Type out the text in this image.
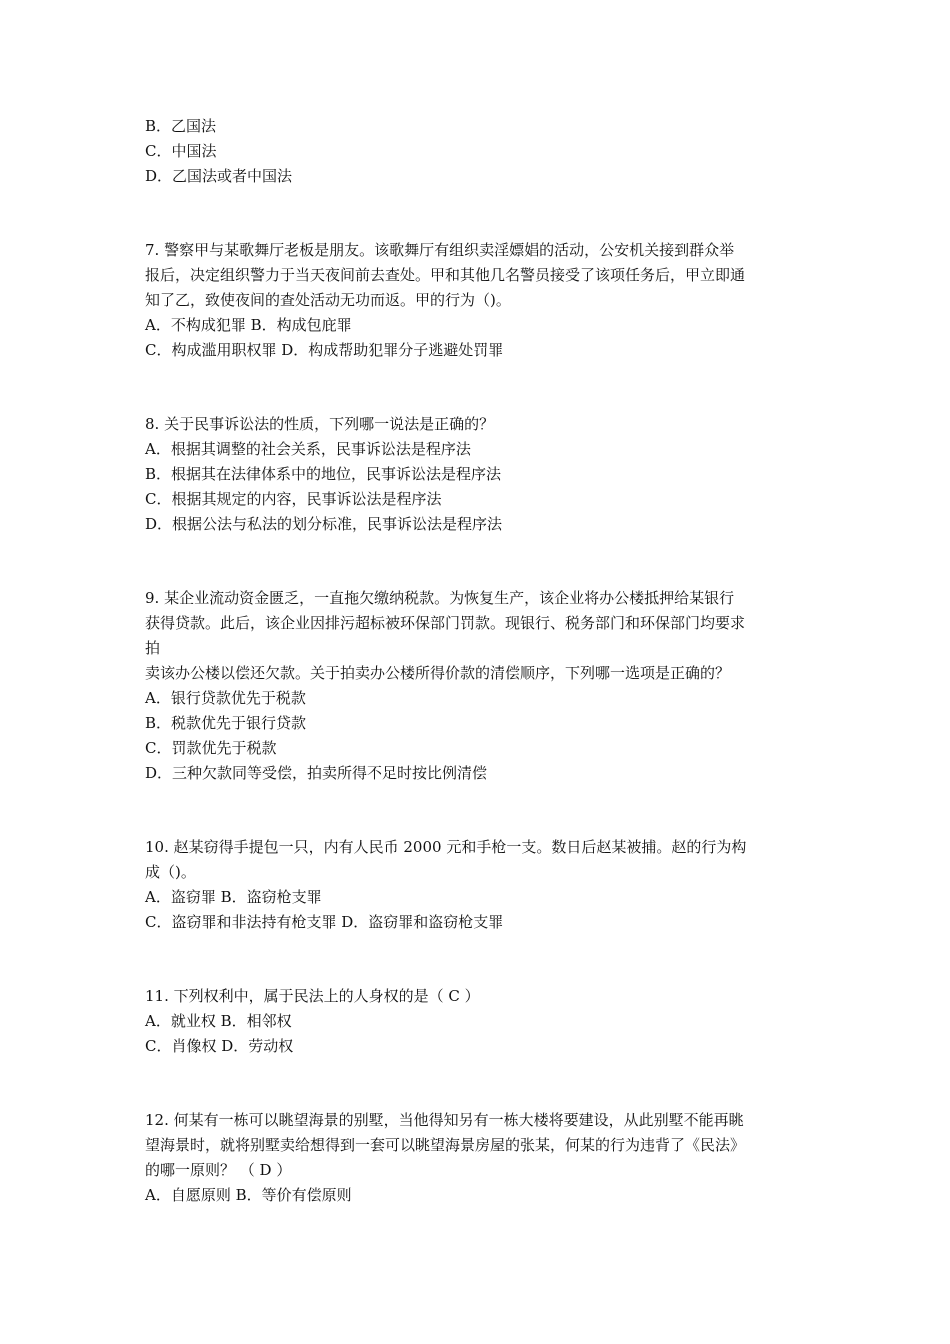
B．乙国法
C．中国法
D．乙国法或者中国法
7. 警察甲与某歌舞厅老板是朋友。该歌舞厅有组织卖淫嫖娼的活动，公安机关接到群众举
报后，决定组织警力于当天夜间前去查处。甲和其他几名警员接受了该项任务后，甲立即通
知了乙，致使夜间的查处活动无功而返。甲的行为（)。
A．不构成犯罪 B．构成包庇罪
C．构成滥用职权罪 D．构成帮助犯罪分子逃避处罚罪
8. 关于民事诉讼法的性质，下列哪一说法是正确的？
A．根据其调整的社会关系，民事诉讼法是程序法
B．根据其在法律体系中的地位，民事诉讼法是程序法
C．根据其规定的内容，民事诉讼法是程序法
D．根据公法与私法的划分标准，民事诉讼法是程序法
9. 某企业流动资金匮乏，一直拖欠缴纳税款。为恢复生产，该企业将办公楼抵押给某银行
获得贷款。此后，该企业因排污超标被环保部门罚款。现银行、税务部门和环保部门均要求
拍
卖该办公楼以偿还欠款。关于拍卖办公楼所得价款的清偿顺序，下列哪一选项是正确的？
A．银行贷款优先于税款
B．税款优先于银行贷款
C．罚款优先于税款
D．三种欠款同等受偿，拍卖所得不足时按比例清偿
10. 赵某窃得手提包一只，内有人民币 2000 元和手枪一支。数日后赵某被捕。赵的行为构
成（)。
A．盗窃罪 B．盗窃枪支罪
C．盗窃罪和非法持有枪支罪 D．盗窃罪和盗窃枪支罪
11. 下列权利中，属于民法上的人身权的是（ C ）
A．就业权 B．相邻权
C．肖像权 D．劳动权
12. 何某有一栋可以眺望海景的别墅，当他得知另有一栋大楼将要建设，从此别墅不能再眺
望海景时，就将别墅卖给想得到一套可以眺望海景房屋的张某，何某的行为违背了《民法》
的哪一原则？ （ D ）
A．自愿原则 B．等价有偿原则
